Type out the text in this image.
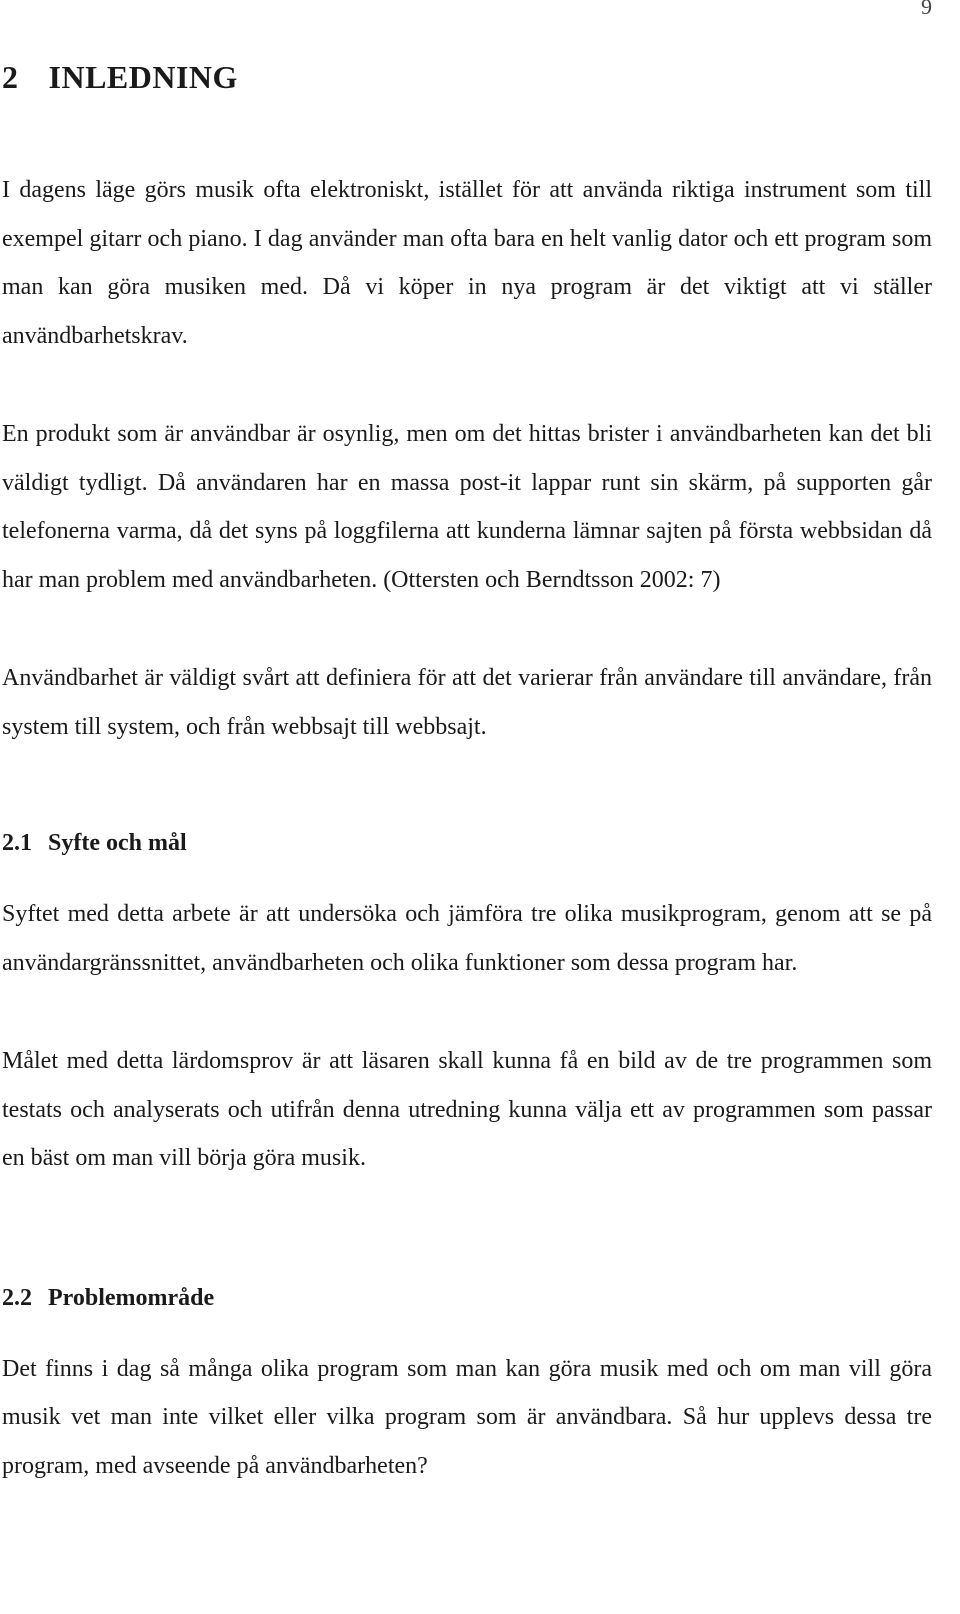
9
2 INLEDNING

I dagens läge görs musik ofta elektroniskt, istället för att använda riktiga instrument som till exempel gitarr och piano. I dag använder man ofta bara en helt vanlig dator och ett program som man kan göra musiken med. Då vi köper in nya program är det viktigt att vi ställer användbarhetskrav.

En produkt som är användbar är osynlig, men om det hittas brister i användbarheten kan det bli väldigt tydligt. Då användaren har en massa post-it lappar runt sin skärm, på supporten går telefonerna varma, då det syns på loggfilerna att kunderna lämnar sajten på första webbsidan då har man problem med användbarheten. (Ottersten och Berndtsson 2002: 7)

Användbarhet är väldigt svårt att definiera för att det varierar från användare till användare, från system till system, och från webbsajt till webbsajt.

2.1 Syfte och mål

Syftet med detta arbete är att undersöka och jämföra tre olika musikprogram, genom att se på användargränssnittet, användbarheten och olika funktioner som dessa program har.

Målet med detta lärdomsprov är att läsaren skall kunna få en bild av de tre programmen som testats och analyserats och utifrån denna utredning kunna välja ett av programmen som passar en bäst om man vill börja göra musik.

2.2 Problemområde

Det finns i dag så många olika program som man kan göra musik med och om man vill göra musik vet man inte vilket eller vilka program som är användbara. Så hur upplevs dessa tre program, med avseende på användbarheten?
